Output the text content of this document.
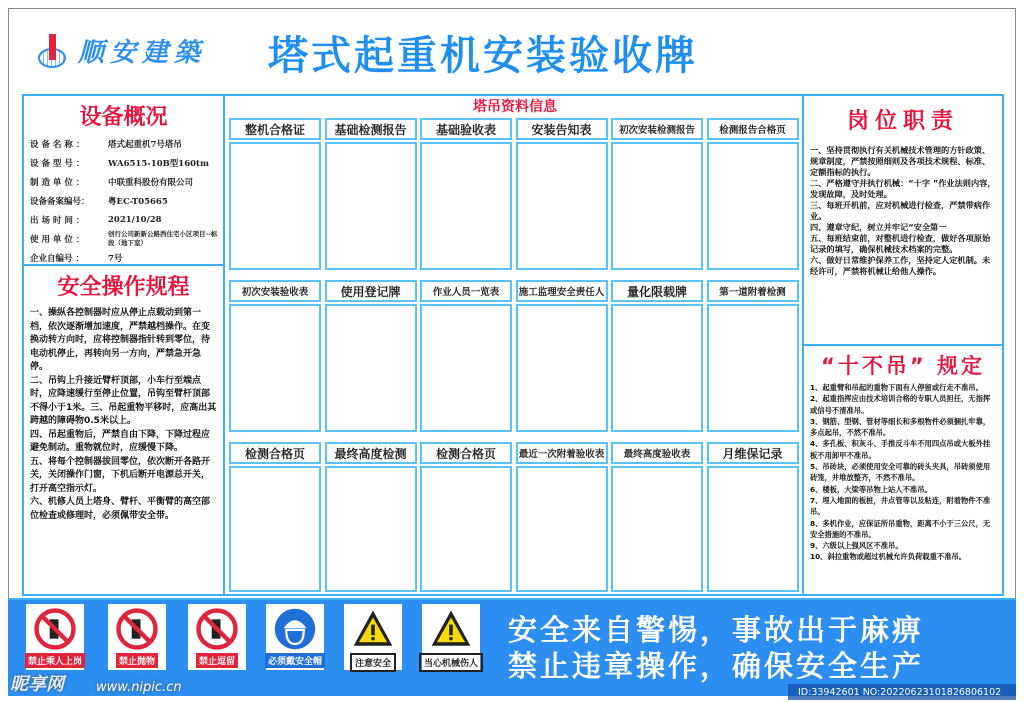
顺安建築 塔式起重机安装验收牌
设备概况
设 备 名 称 ：	塔式起重机7号塔吊
设 备 型 号 ：	WA6515-10B型160tm
制 造 单 位 ：	中联重科股份有限公司
设备备案编号：	粤EC-T05665
出 场 时 间 ：	2021/10/28
使 用 单 位 ：
创行公司新新公路西住宅小区项目--标段（地下室）
企业自编号 ：	7号
安全操作规程
一、操纵各控制器时应从停止点载动到第一档，依次逐渐增加速度，严禁越档操作。在变换动转方向时，应将控制器指针转到零位，待电动机停止，再转向另一方向，严禁急开急停。
二、吊钩上升接近臂杆顶部，小车行至端点时，应降速缓行至停止位置，吊钩至臂杆顶部不得小于1米。三、吊起重物平移时，应高出其跨越的障碍物0.5米以上。
四、吊起重物后，严禁自由下降，下降过程应避免制动。重物就位时，应缓慢下降。
五、将每个控制器拔回零位，依次断开各路开关，关闭操作门窗，下机后断开电源总开关，打开高空指示灯。
六、机修人员上塔身、臂杆、平衡臂的高空部位检查或修理时，必须佩带安全带。
塔吊资料信息
整机合格证	基础检测报告	基础验收表	安装告知表	初次安装检测报告	检测报告合格页
初次安装验收表	使用登记牌	作业人员一览表	施工监理安全责任人	量化限载牌	第一道附着检测
检测合格页	最终高度检测	检测合格页	最近一次附着验收表	最终高度验收表	月维保记录
岗位职责
一、坚持贯彻执行有关机械技术管理的方针政策、规章制度，严禁按照细则及各项技术规程、标准、定额指标的执行。
二、严格遵守并执行机械：“十字 ”作业法则内容，发现故障，及时处理。
三、每班开机前，应对机械进行检查，严禁带病作业。
四、遵章守纪，树立并牢记“安全第一
五、每班结束前，对整机进行检查，做好各项原始记录的填写，确保机械技术档案的完整。
六、做好日常维护保养工作，坚持定人定机制。未经许可，严禁将机械让给他人操作。
“十不吊” 规定
1、起重臂和吊起的重物下面有人停留或行走不准吊。
2、起重指挥应由技术培训合格的专职人员担任，无指挥或信号不清准吊。
3、钢筋、型钢、管材等细长和多根物件必须捆扎牢靠，多点起吊，不然不准吊。
4、多孔板、积灰斗、手推反斗车不用四点吊或大板外挂板不用卸甲不准吊。
5、吊砖块，必须使用安全可靠的砖头夹具，吊砖须使用砖笼，并堆放整齐，不然不准吊。
6、楼板，大梁等吊物上站人不准吊。
7、埋入地面的板桩，井点管等以及粘连，附着物件不准吊。
8、多机作业，应保证所吊重物，距离不小于三公尺，无安全措施的不准吊。
9、六级以上强风区不准吊。
10、斜拉重物或超过机械允许负荷载重不准吊。
禁止乘人上岗	禁止抛物	禁止逗留	必须戴安全帽	注意安全	当心机械伤人
安全来自警惕，事故出于麻痹
禁止违章操作，确保安全生产
昵享网 www.nipic.cn	ID:33942601 NO:20220623101826806102
